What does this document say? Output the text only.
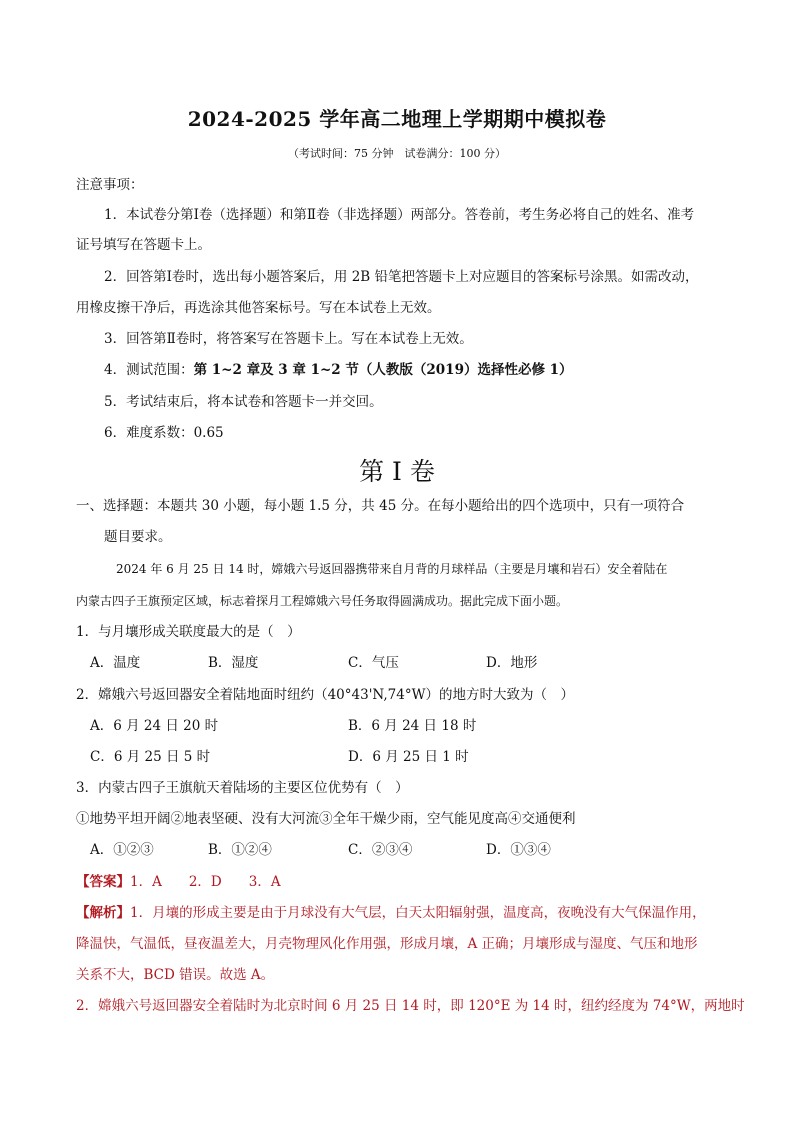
2024-2025 学年高二地理上学期期中模拟卷
（考试时间：75 分钟　试卷满分：100 分）
注意事项：
1．本试卷分第Ⅰ卷（选择题）和第Ⅱ卷（非选择题）两部分。答卷前，考生务必将自己的姓名、准考
证号填写在答题卡上。
2．回答第Ⅰ卷时，选出每小题答案后，用 2B 铅笔把答题卡上对应题目的答案标号涂黑。如需改动，
用橡皮擦干净后，再选涂其他答案标号。写在本试卷上无效。
3．回答第Ⅱ卷时，将答案写在答题卡上。写在本试卷上无效。
4．测试范围：第 1~2 章及 3 章 1~2 节（人教版（2019）选择性必修 1）
5．考试结束后，将本试卷和答题卡一并交回。
6．难度系数：0.65
第 I 卷
一、选择题：本题共 30 小题，每小题 1.5 分，共 45 分。在每小题给出的四个选项中，只有一项符合
题目要求。
2024 年 6 月 25 日 14 时，嫦娥六号返回器携带来自月背的月球样品（主要是月壤和岩石）安全着陆在
内蒙古四子王旗预定区域，标志着探月工程嫦娥六号任务取得圆满成功。据此完成下面小题。
1．与月壤形成关联度最大的是（　）
A．温度	B．湿度	C．气压	D．地形
2．嫦娥六号返回器安全着陆地面时纽约（40°43'N,74°W）的地方时大致为（　）
A．6 月 24 日 20 时	B．6 月 24 日 18 时
C．6 月 25 日 5 时	D．6 月 25 日 1 时
3．内蒙古四子王旗航天着陆场的主要区位优势有（　）
①地势平坦开阔②地表坚硬、没有大河流③全年干燥少雨，空气能见度高④交通便利
A．①②③	B．①②④	C．②③④	D．①③④
【答案】1．A　　2．D　　3．A
【解析】1．月壤的形成主要是由于月球没有大气层，白天太阳辐射强，温度高，夜晚没有大气保温作用，
降温快，气温低，昼夜温差大，月壳物理风化作用强，形成月壤，A 正确；月壤形成与湿度、气压和地形
关系不大，BCD 错误。故选 A。
2．嫦娥六号返回器安全着陆时为北京时间 6 月 25 日 14 时，即 120°E 为 14 时，纽约经度为 74°W，两地时
